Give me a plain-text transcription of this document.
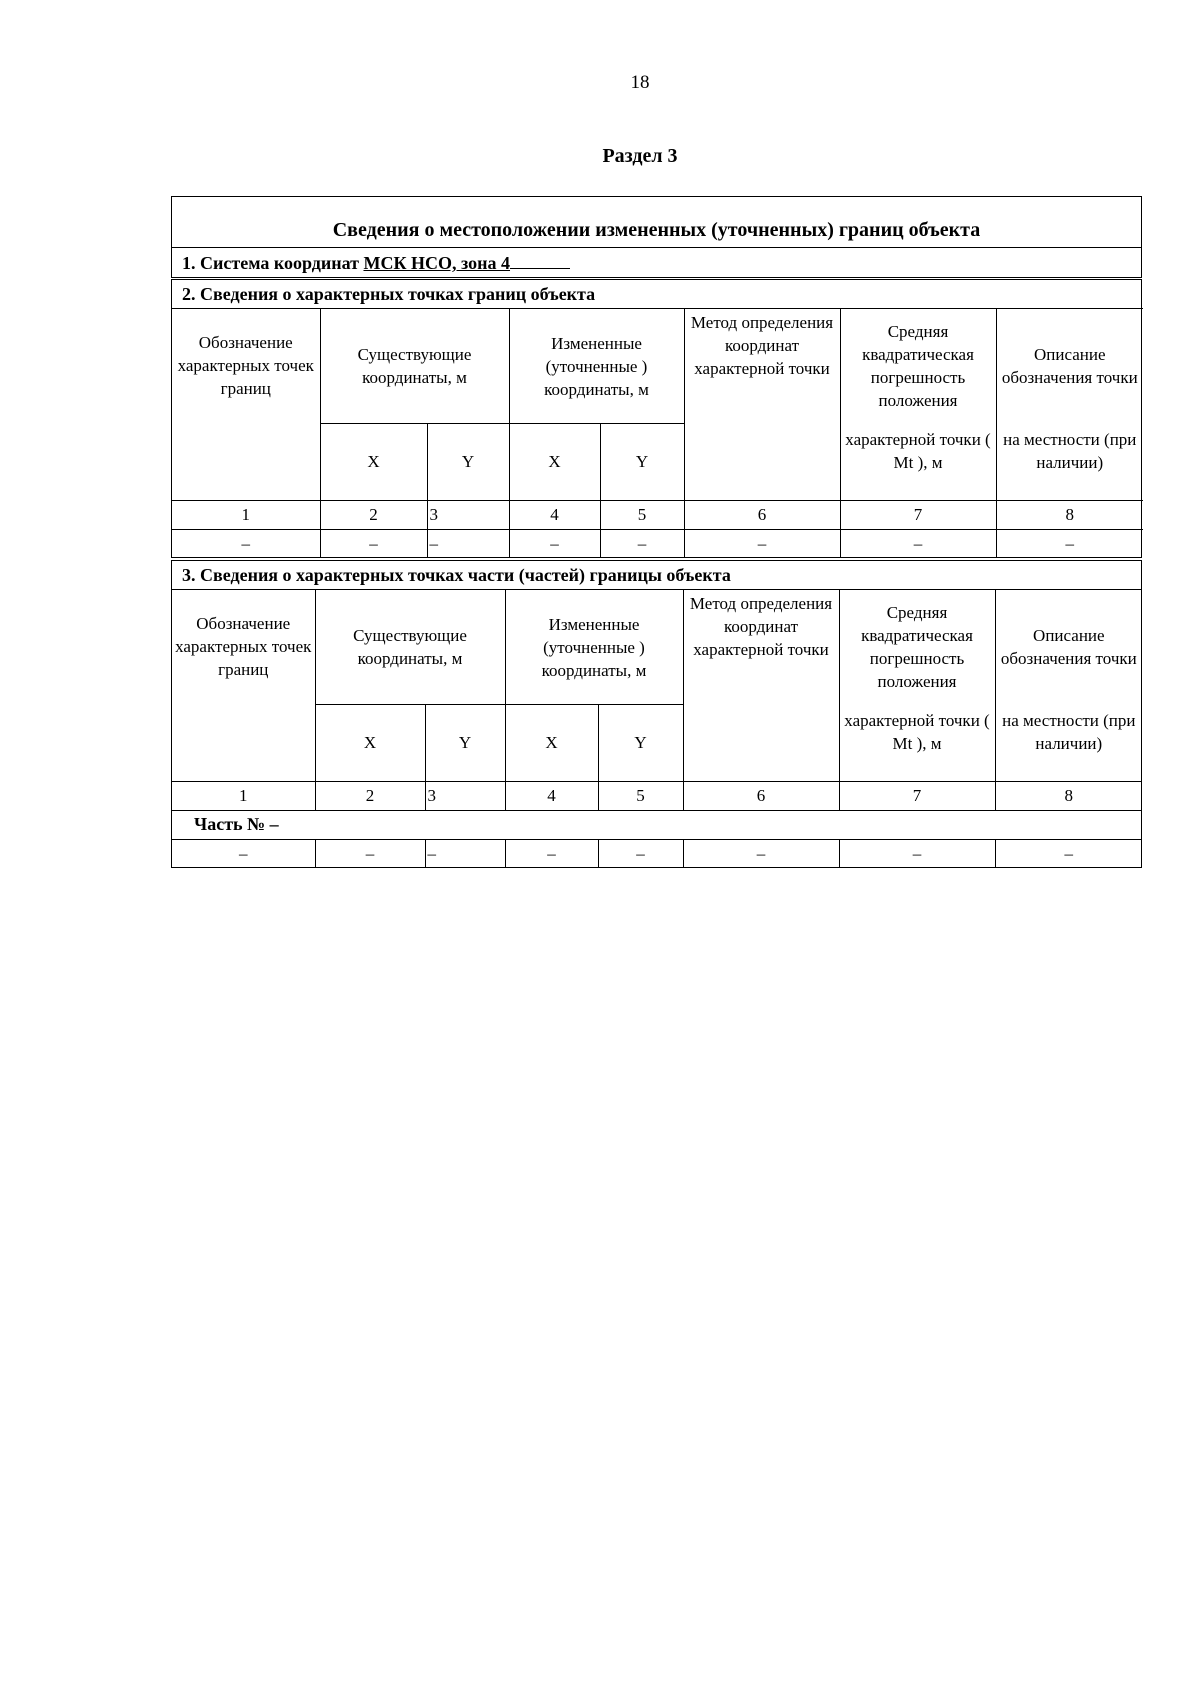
18
Раздел 3
Сведения о местоположении измененных (уточненных) границ объекта
1. Система координат МСК НСО, зона 4
2. Сведения о характерных точках границ объекта							
Обозначение характерных точек границ	Существующие координаты, м		Измененные (уточненные ) координаты, м		Метод определения координат характерной точки	Средняя квадратическая погрешность положения	Описание обозначения точки
	X	Y	X	Y		характерной точки ( Mt ), м	на местности (при наличии)
1	2	3	4	5	6	7	8
–	–	–	–	–	–	–	–
3. Сведения о характерных точках части (частей) границы объекта							
Обозначение характерных точек границ	Существующие координаты, м		Измененные (уточненные ) координаты, м		Метод определения координат характерной точки	Средняя квадратическая погрешность положения	Описание обозначения точки
	X	Y	X	Y		характерной точки ( Mt ), м	на местности (при наличии)
1	2	3	4	5	6	7	8
Часть № –							
–	–	–	–	–	–	–	–
